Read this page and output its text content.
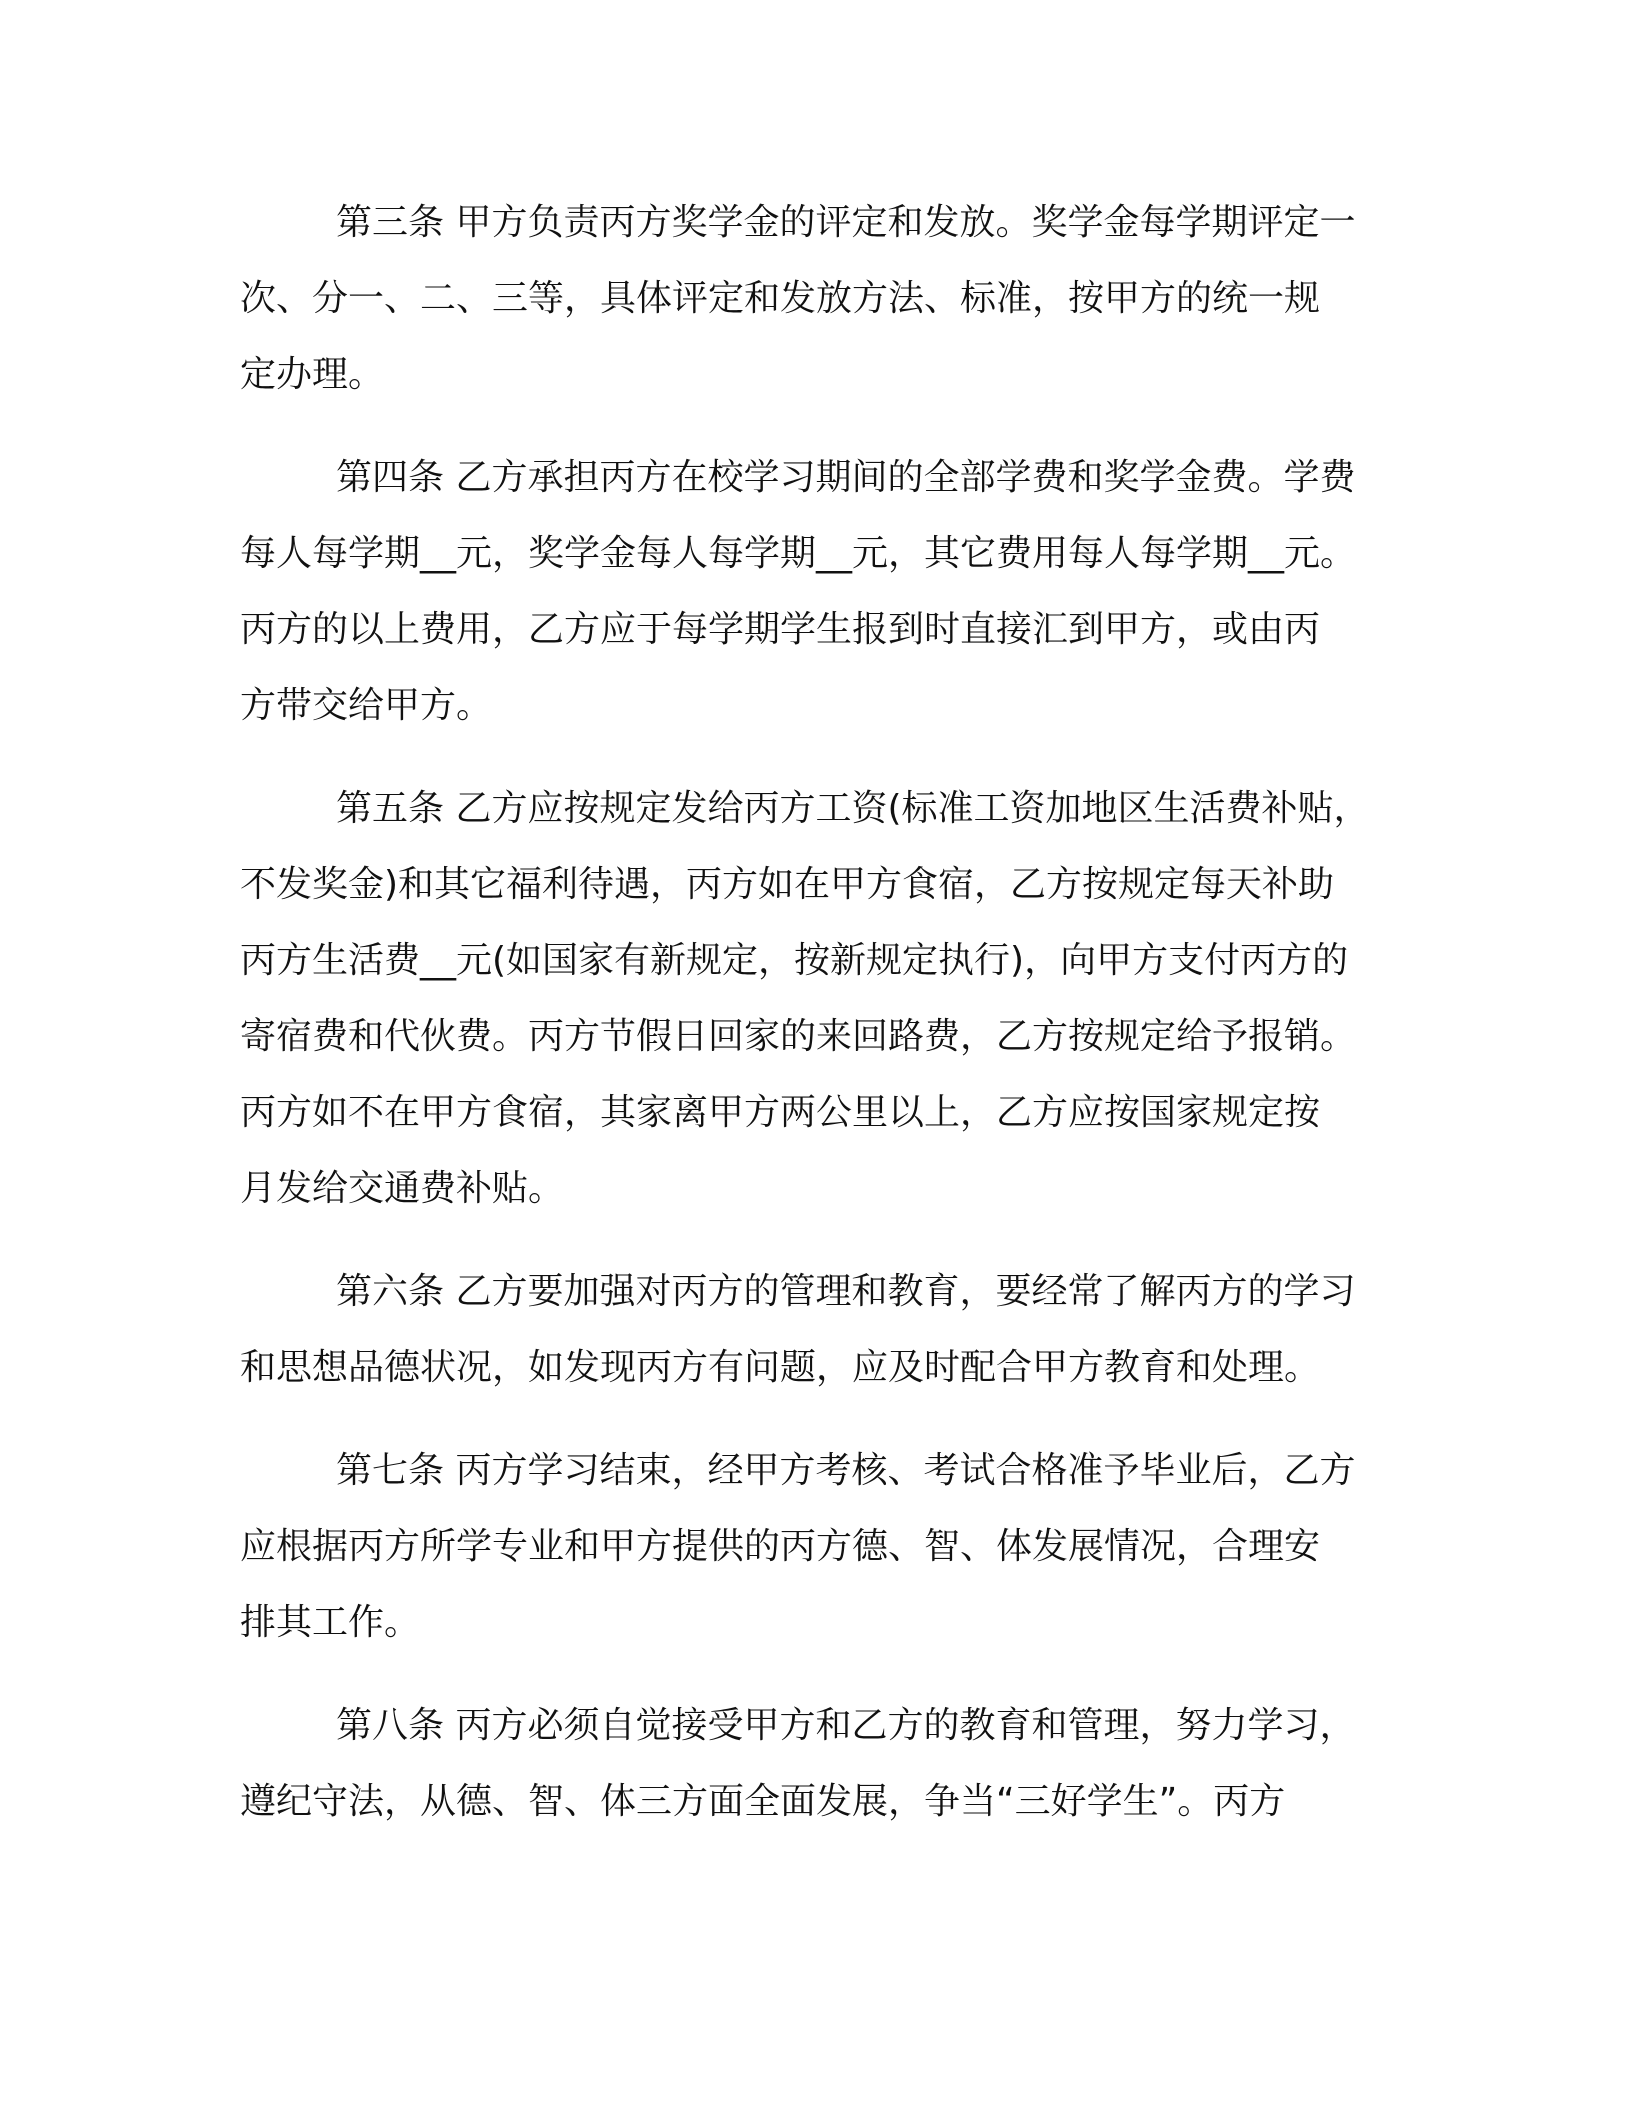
第三条 甲方负责丙方奖学金的评定和发放。奖学金每学期评定一
次、分一、二、三等，具体评定和发放方法、标准，按甲方的统一规
定办理。
第四条 乙方承担丙方在校学习期间的全部学费和奖学金费。学费
每人每学期__元，奖学金每人每学期__元，其它费用每人每学期__元。
丙方的以上费用，乙方应于每学期学生报到时直接汇到甲方，或由丙
方带交给甲方。
第五条 乙方应按规定发给丙方工资(标准工资加地区生活费补贴，
不发奖金)和其它福利待遇，丙方如在甲方食宿，乙方按规定每天补助
丙方生活费__元(如国家有新规定，按新规定执行)，向甲方支付丙方的
寄宿费和代伙费。丙方节假日回家的来回路费，乙方按规定给予报销。
丙方如不在甲方食宿，其家离甲方两公里以上，乙方应按国家规定按
月发给交通费补贴。
第六条 乙方要加强对丙方的管理和教育，要经常了解丙方的学习
和思想品德状况，如发现丙方有问题，应及时配合甲方教育和处理。
第七条 丙方学习结束，经甲方考核、考试合格准予毕业后，乙方
应根据丙方所学专业和甲方提供的丙方德、智、体发展情况，合理安
排其工作。
第八条 丙方必须自觉接受甲方和乙方的教育和管理，努力学习，
遵纪守法，从德、智、体三方面全面发展，争当“三好学生”。丙方
